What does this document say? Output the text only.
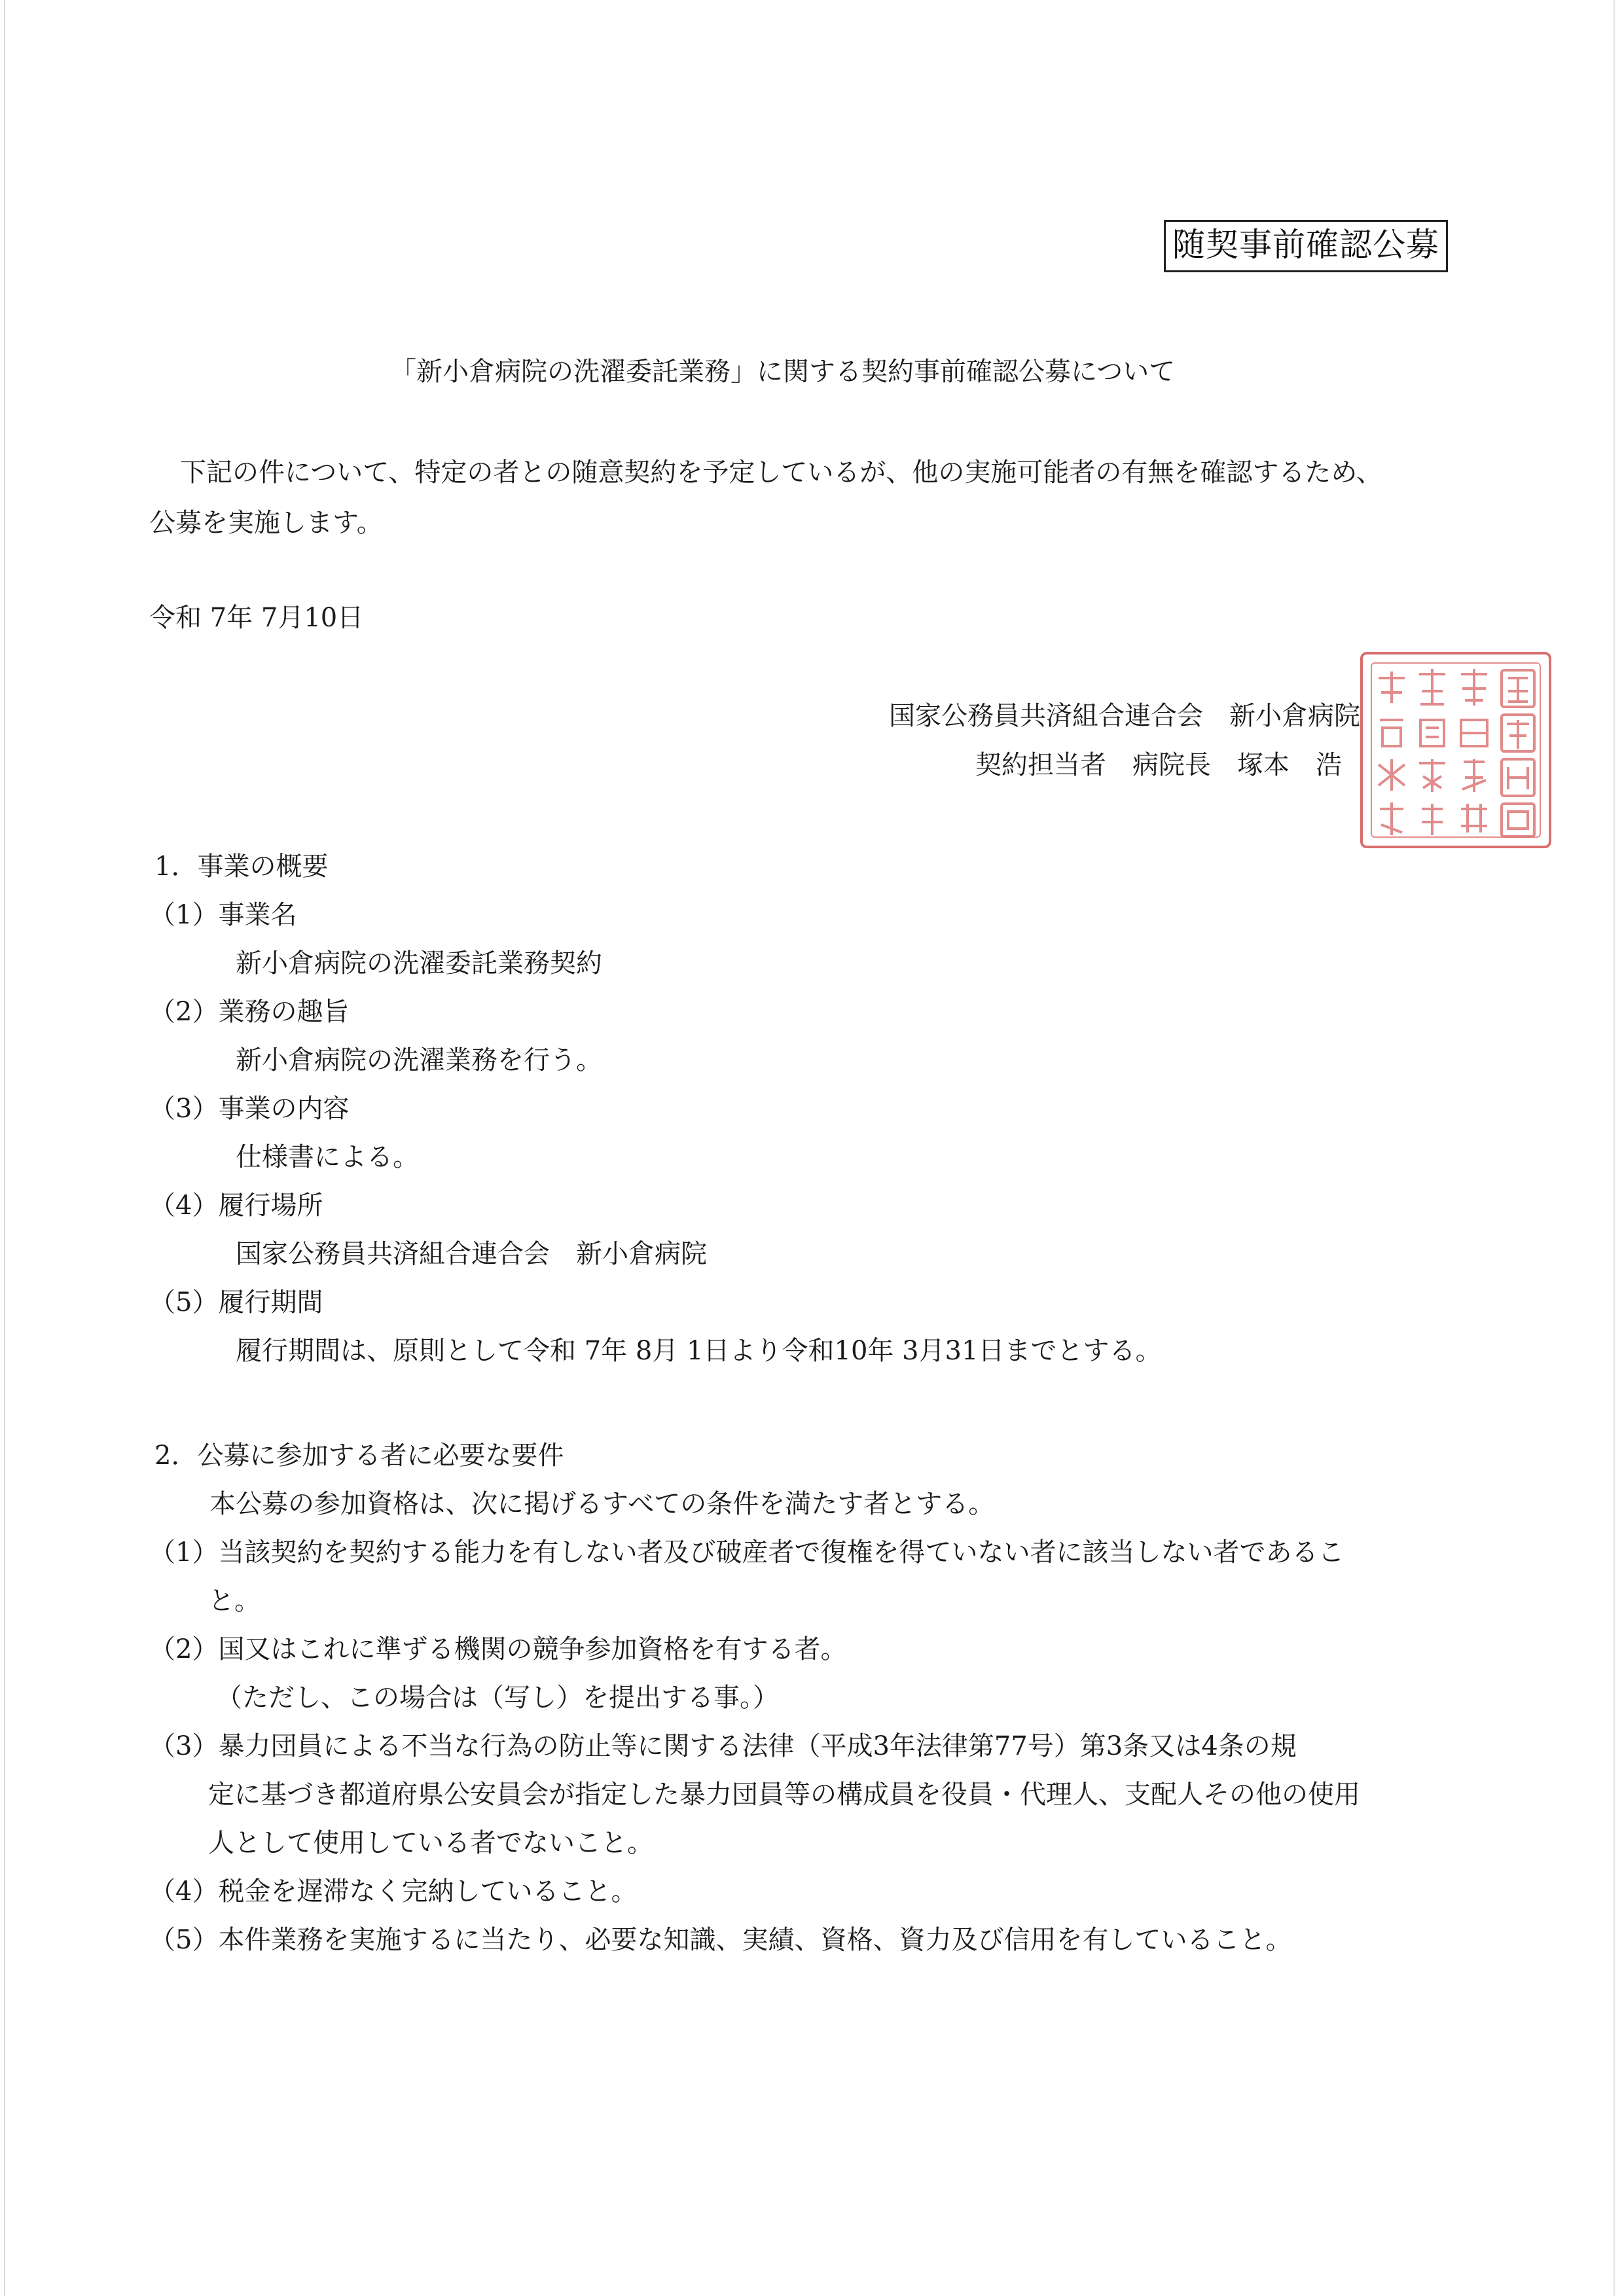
随契事前確認公募
「新小倉病院の洗濯委託業務」に関する契約事前確認公募について
下記の件について、特定の者との随意契約を予定しているが、他の実施可能者の有無を確認するため、
公募を実施します。
令和 7年 7月10日
国家公務員共済組合連合会　新小倉病院
契約担当者　病院長　塚本　浩
1．事業の概要
（1）事業名
新小倉病院の洗濯委託業務契約
（2）業務の趣旨
新小倉病院の洗濯業務を行う。
（3）事業の内容
仕様書による。
（4）履行場所
国家公務員共済組合連合会　新小倉病院
（5）履行期間
履行期間は、原則として令和 7年 8月 1日より令和10年 3月31日までとする。
2．公募に参加する者に必要な要件
本公募の参加資格は、次に掲げるすべての条件を満たす者とする。
（1）当該契約を契約する能力を有しない者及び破産者で復権を得ていない者に該当しない者であるこ
と。
（2）国又はこれに準ずる機関の競争参加資格を有する者。
（ただし、この場合は（写し）を提出する事。）
（3）暴力団員による不当な行為の防止等に関する法律（平成3年法律第77号）第3条又は4条の規
定に基づき都道府県公安員会が指定した暴力団員等の構成員を役員・代理人、支配人その他の使用
人として使用している者でないこと。
（4）税金を遅滞なく完納していること。
（5）本件業務を実施するに当たり、必要な知識、実績、資格、資力及び信用を有していること。
